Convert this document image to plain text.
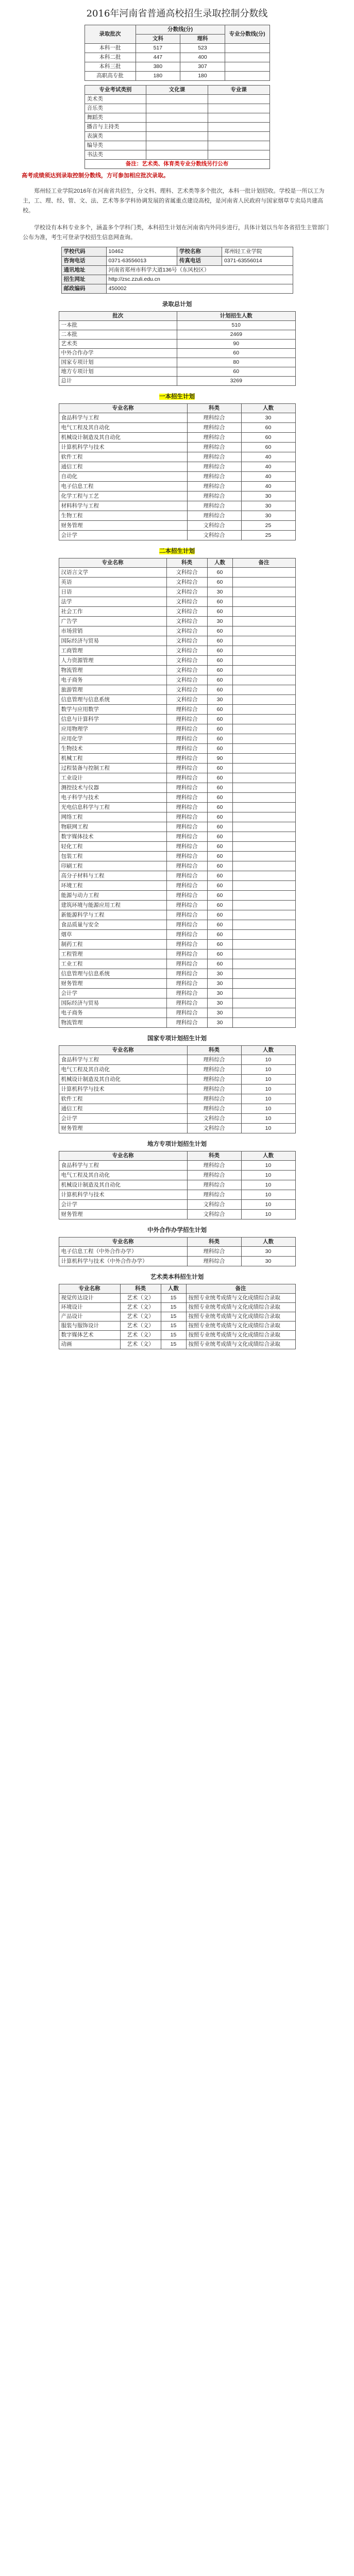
2016年河南省普通高校招生录取控制分数线
录取批次	分数线(分)		专业分数线(分)
	文科	理科	
本科一批	517	523	
本科二批	447	400	
本科三批	380	307	
高职高专批	180	180	
专业考试类别	文化课	专业课
美术类		
音乐类		
舞蹈类		
播音与主持类		
表演类		
编导类		
书法类		
备注：艺术类、体育类专业分数线另行公布		
高考成绩须达到录取控制分数线，方可参加相应批次录取。

郑州轻工业学院2016年在河南省共招生，分文科、理科、艺术类等多个批次，本科一批计划招收。学校是一所以工为主，工、理、经、管、文、法、艺术等多学科协调发展的省属重点建设高校，是河南省人民政府与国家烟草专卖局共建高校。

学校设有本科专业多个，涵盖多个学科门类，本科招生计划在河南省内外同步进行，具体计划以当年各省招生主管部门公布为准，考生可登录学校招生信息网查询。

学校代码	10462	学校名称	郑州轻工业学院
咨询电话	0371-63556013	传真电话	0371-63556014
通讯地址	河南省郑州市科学大道136号（东风校区）		
招生网址	http://zsc.zzuli.edu.cn		
邮政编码	450002		
录取总计划
批次	计划招生人数
一本批	510
二本批	2469
艺术类	90
中外合作办学	60
国家专项计划	80
地方专项计划	60
总计	3269
一本招生计划
专业名称	科类	人数
食品科学与工程	理科综合	30
电气工程及其自动化	理科综合	60
机械设计制造及其自动化	理科综合	60
计算机科学与技术	理科综合	60
软件工程	理科综合	40
通信工程	理科综合	40
自动化	理科综合	40
电子信息工程	理科综合	40
化学工程与工艺	理科综合	30
材料科学与工程	理科综合	30
生物工程	理科综合	30
财务管理	文科综合	25
会计学	文科综合	25
二本招生计划
专业名称	科类	人数	备注
汉语言文学	文科综合	60	
英语	文科综合	60	
日语	文科综合	30	
法学	文科综合	60	
社会工作	文科综合	60	
广告学	文科综合	30	
市场营销	文科综合	60	
国际经济与贸易	文科综合	60	
工商管理	文科综合	60	
人力资源管理	文科综合	60	
物流管理	文科综合	60	
电子商务	文科综合	60	
旅游管理	文科综合	60	
信息管理与信息系统	文科综合	30	
数学与应用数学	理科综合	60	
信息与计算科学	理科综合	60	
应用物理学	理科综合	60	
应用化学	理科综合	60	
生物技术	理科综合	60	
机械工程	理科综合	90	
过程装备与控制工程	理科综合	60	
工业设计	理科综合	60	
测控技术与仪器	理科综合	60	
电子科学与技术	理科综合	60	
光电信息科学与工程	理科综合	60	
网络工程	理科综合	60	
物联网工程	理科综合	60	
数字媒体技术	理科综合	60	
轻化工程	理科综合	60	
包装工程	理科综合	60	
印刷工程	理科综合	60	
高分子材料与工程	理科综合	60	
环境工程	理科综合	60	
能源与动力工程	理科综合	60	
建筑环境与能源应用工程	理科综合	60	
新能源科学与工程	理科综合	60	
食品质量与安全	理科综合	60	
烟草	理科综合	60	
制药工程	理科综合	60	
工程管理	理科综合	60	
工业工程	理科综合	60	
信息管理与信息系统	理科综合	30	
财务管理	理科综合	30	
会计学	理科综合	30	
国际经济与贸易	理科综合	30	
电子商务	理科综合	30	
物流管理	理科综合	30	
国家专项计划招生计划
专业名称	科类	人数
食品科学与工程	理科综合	10
电气工程及其自动化	理科综合	10
机械设计制造及其自动化	理科综合	10
计算机科学与技术	理科综合	10
软件工程	理科综合	10
通信工程	理科综合	10
会计学	文科综合	10
财务管理	文科综合	10
地方专项计划招生计划
专业名称	科类	人数
食品科学与工程	理科综合	10
电气工程及其自动化	理科综合	10
机械设计制造及其自动化	理科综合	10
计算机科学与技术	理科综合	10
会计学	文科综合	10
财务管理	文科综合	10
中外合作办学招生计划
专业名称	科类	人数
电子信息工程（中外合作办学）	理科综合	30
计算机科学与技术（中外合作办学）	理科综合	30
艺术类本科招生计划
专业名称	科类	人数	备注
视觉传达设计	艺术（文）	15	按照专业统考成绩与文化成绩综合录取
环境设计	艺术（文）	15	按照专业统考成绩与文化成绩综合录取
产品设计	艺术（文）	15	按照专业统考成绩与文化成绩综合录取
服装与服饰设计	艺术（文）	15	按照专业统考成绩与文化成绩综合录取
数字媒体艺术	艺术（文）	15	按照专业统考成绩与文化成绩综合录取
动画	艺术（文）	15	按照专业统考成绩与文化成绩综合录取
